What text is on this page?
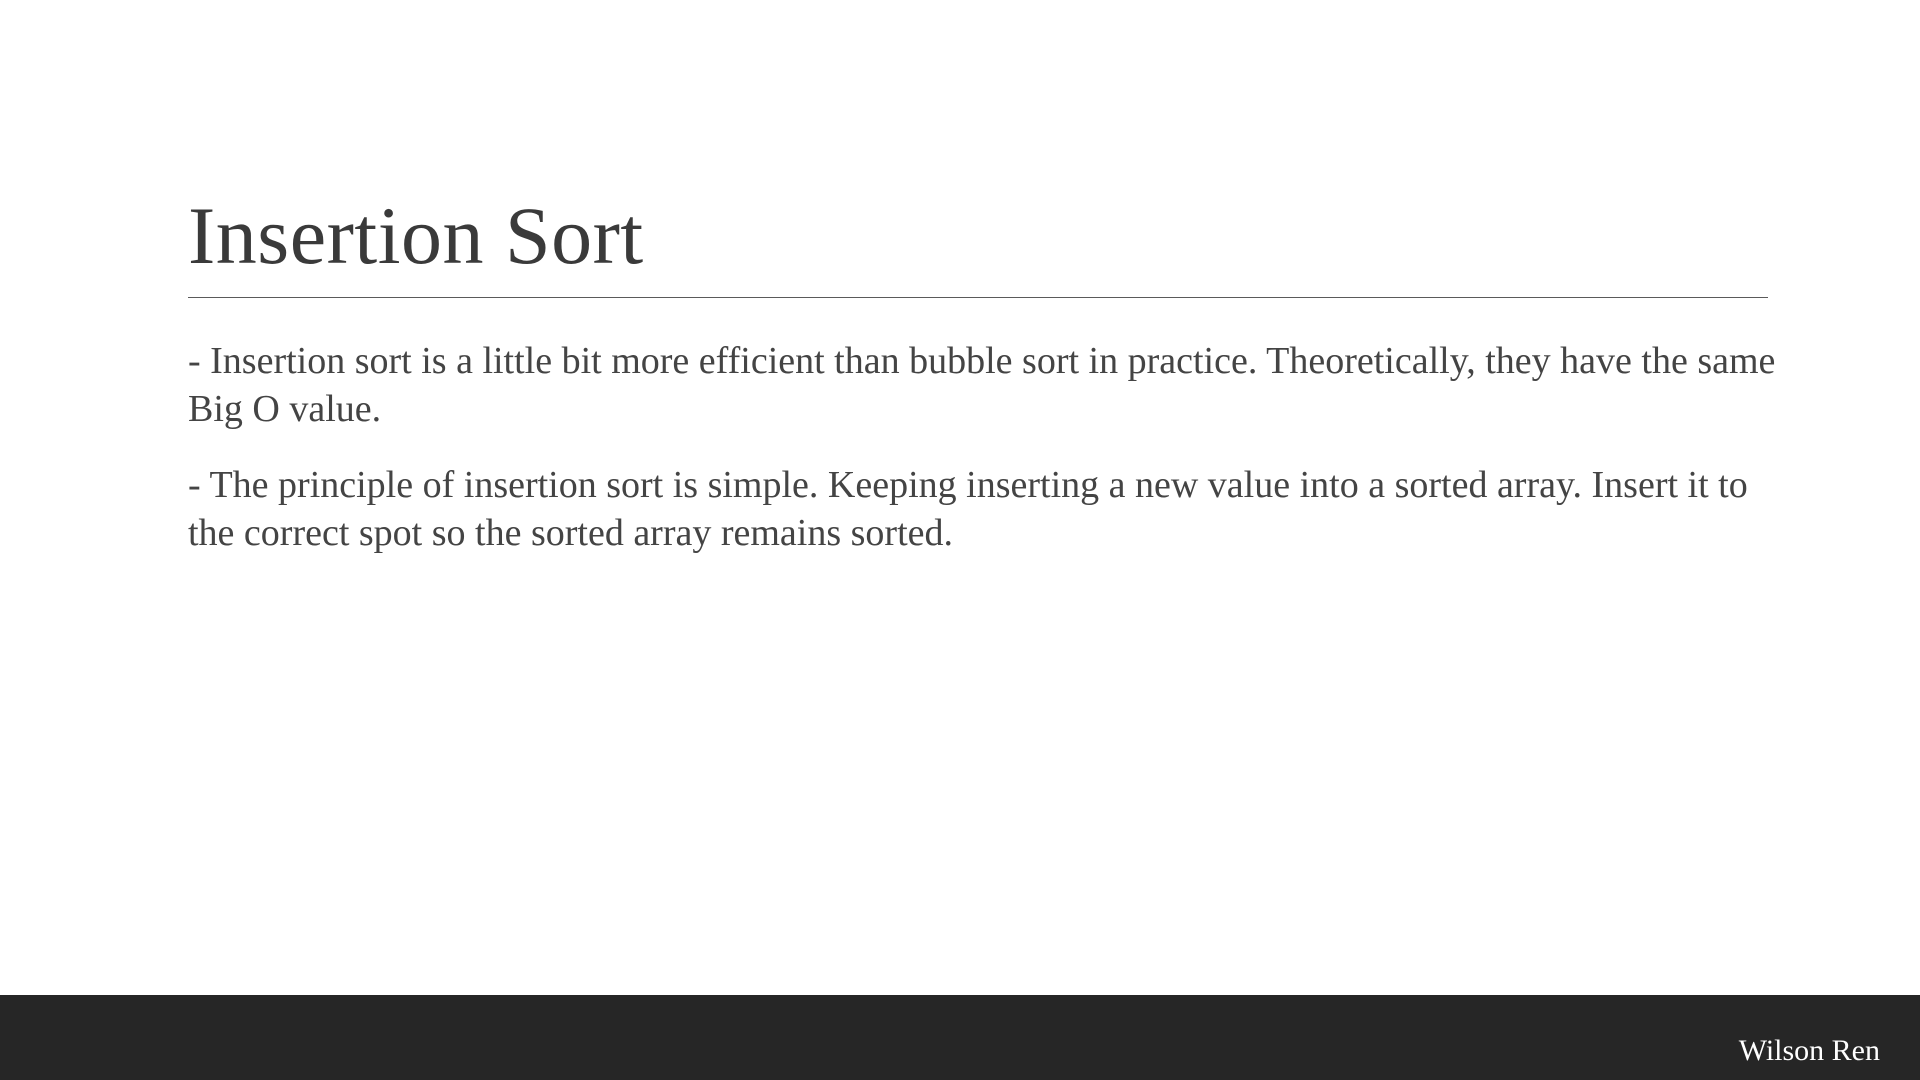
Insertion Sort

- Insertion sort is a little bit more efficient than bubble sort in practice. Theoretically, they have the same Big O value.

- The principle of insertion sort is simple. Keeping inserting a new value into a sorted array. Insert it to the correct spot so the sorted array remains sorted.

Wilson Ren
